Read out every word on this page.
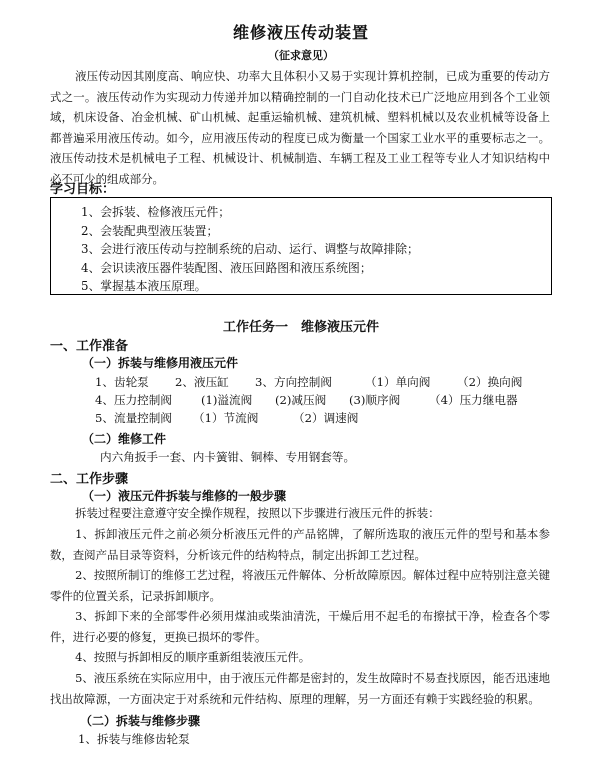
维修液压传动装置
（征求意见）

液压传动因其刚度高、响应快、功率大且体积小又易于实现计算机控制，已成为重要的传动方式之一。液压传动作为实现动力传递并加以精确控制的一门自动化技术已广泛地应用到各个工业领域，机床设备、冶金机械、矿山机械、起重运输机械、建筑机械、塑料机械以及农业机械等设备上都普遍采用液压传动。如今，应用液压传动的程度已成为衡量一个国家工业水平的重要标志之一。液压传动技术是机械电子工程、机械设计、机械制造、车辆工程及工业工程等专业人才知识结构中必不可少的组成部分。

学习目标：

1、会拆装、检修液压元件；

2、会装配典型液压装置；

3、会进行液压传动与控制系统的启动、运行、调整与故障排除；

4、会识读液压器件装配图、液压回路图和液压系统图；

5、掌握基本液压原理。

工作任务一　维修液压元件
一、工作准备
（一）拆装与维修用液压元件
1、齿轮泵 2、液压缸 3、方向控制阀	（1）单向阀 （2）换向阀
4、压力控制阀	(1)溢流阀 (2)减压阀 (3)顺序阀 （4）压力继电器
5、流量控制阀 （1）节流阀	（2）调速阀
（二）维修工件
内六角扳手一套、内卡簧钳、铜棒、专用钢套等。
二、工作步骤
（一）液压元件拆装与维修的一般步骤

拆装过程要注意遵守安全操作规程，按照以下步骤进行液压元件的拆装：

1、拆卸液压元件之前必须分析液压元件的产品铭牌，了解所选取的液压元件的型号和基本参数，查阅产品目录等资料，分析该元件的结构特点，制定出拆卸工艺过程。

2、按照所制订的维修工艺过程，将液压元件解体、分析故障原因。解体过程中应特别注意关键零件的位置关系，记录拆卸顺序。

3、拆卸下来的全部零件必须用煤油或柴油清洗，干燥后用不起毛的布擦拭干净，检查各个零件，进行必要的修复，更换已损坏的零件。

4、按照与拆卸相反的顺序重新组装液压元件。

5、液压系统在实际应用中，由于液压元件都是密封的，发生故障时不易查找原因，能否迅速地找出故障源，一方面决定于对系统和元件结构、原理的理解，另一方面还有赖于实践经验的积累。

（二）拆装与维修步骤
1、拆装与维修齿轮泵
